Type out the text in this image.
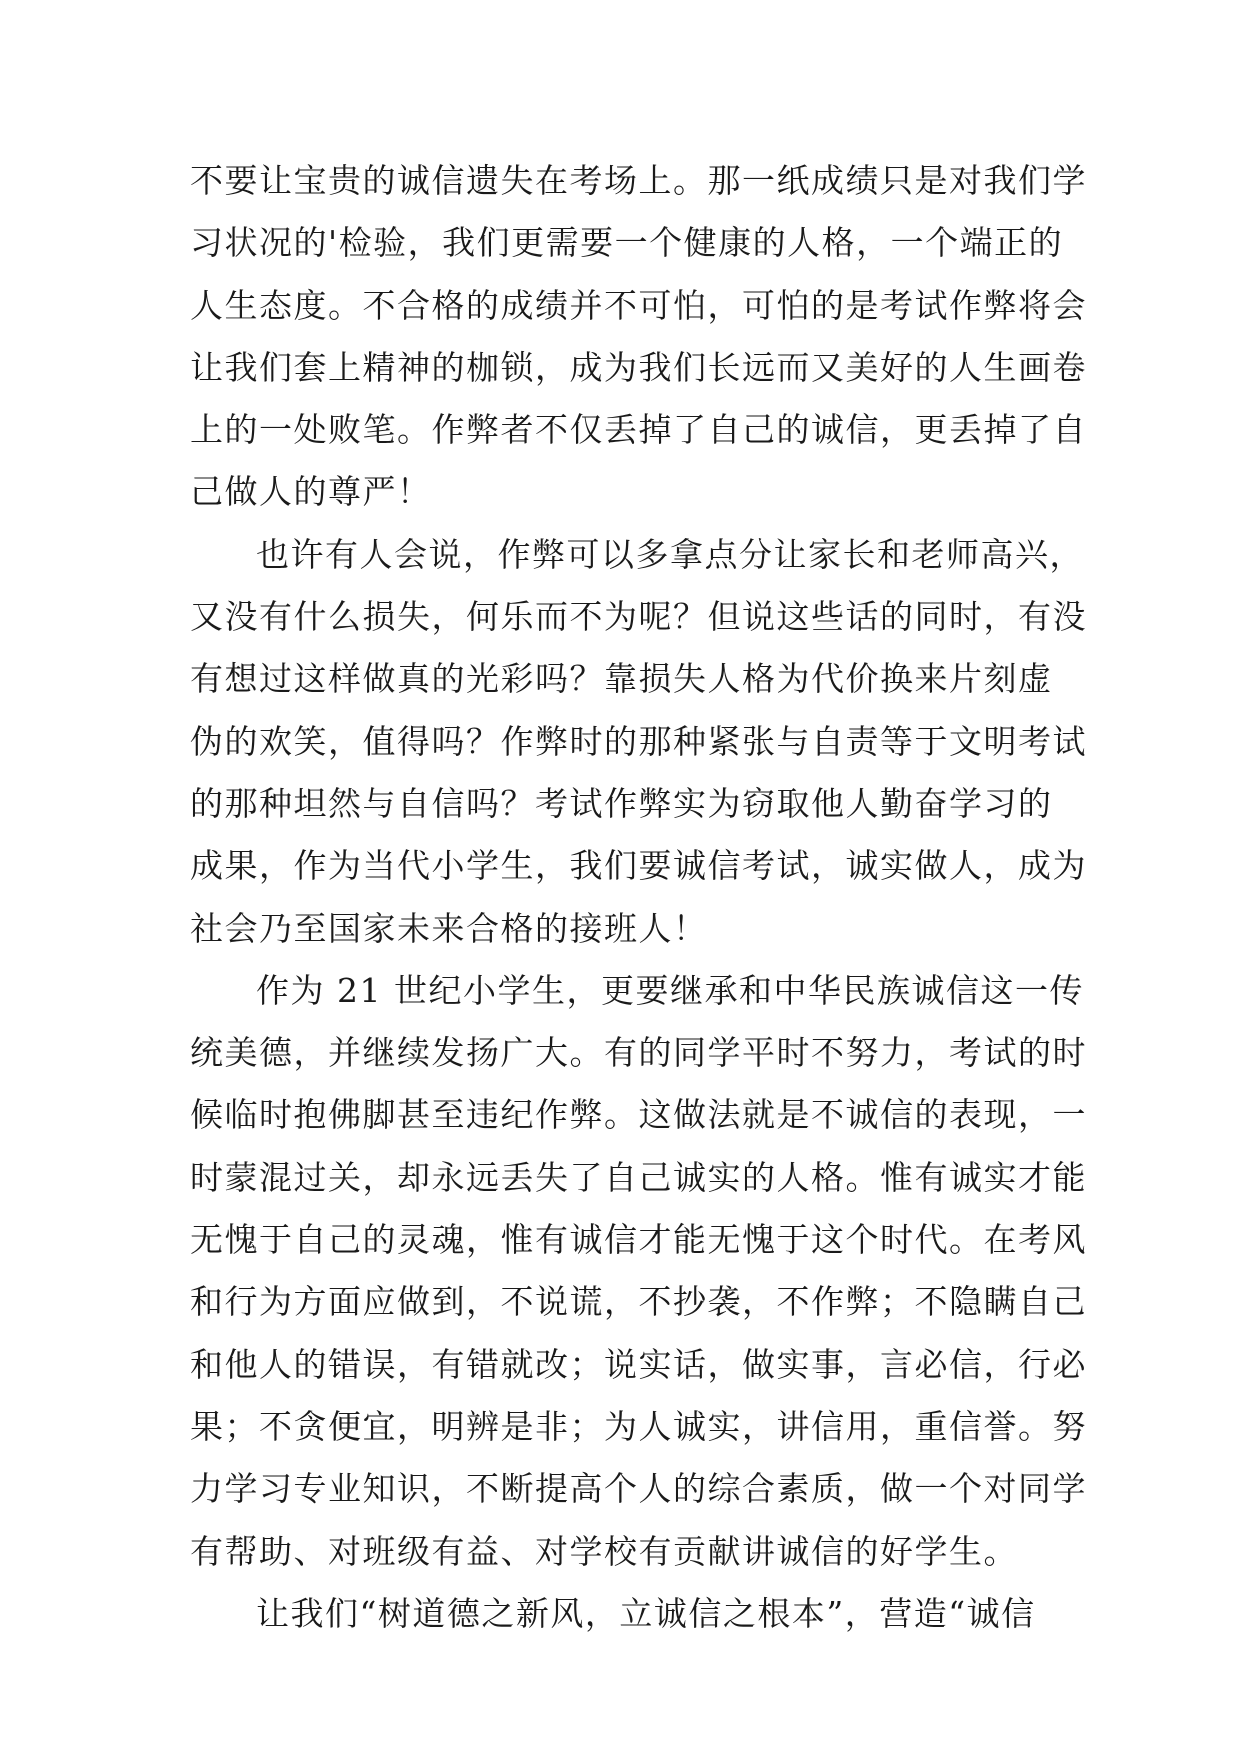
不要让宝贵的诚信遗失在考场上。那一纸成绩只是对我们学
习状况的'检验，我们更需要一个健康的人格，一个端正的
人生态度。不合格的成绩并不可怕，可怕的是考试作弊将会
让我们套上精神的枷锁，成为我们长远而又美好的人生画卷
上的一处败笔。作弊者不仅丢掉了自己的诚信，更丢掉了自
己做人的尊严！
也许有人会说，作弊可以多拿点分让家长和老师高兴，
又没有什么损失，何乐而不为呢？但说这些话的同时，有没
有想过这样做真的光彩吗？靠损失人格为代价换来片刻虚
伪的欢笑，值得吗？作弊时的那种紧张与自责等于文明考试
的那种坦然与自信吗？考试作弊实为窃取他人勤奋学习的
成果，作为当代小学生，我们要诚信考试，诚实做人，成为
社会乃至国家未来合格的接班人！
作为 21 世纪小学生，更要继承和中华民族诚信这一传
统美德，并继续发扬广大。有的同学平时不努力，考试的时
候临时抱佛脚甚至违纪作弊。这做法就是不诚信的表现，一
时蒙混过关，却永远丢失了自己诚实的人格。惟有诚实才能
无愧于自己的灵魂，惟有诚信才能无愧于这个时代。在考风
和行为方面应做到，不说谎，不抄袭，不作弊；不隐瞒自己
和他人的错误，有错就改；说实话，做实事，言必信，行必
果；不贪便宜，明辨是非；为人诚实，讲信用，重信誉。努
力学习专业知识，不断提高个人的综合素质，做一个对同学
有帮助、对班级有益、对学校有贡献讲诚信的好学生。
让我们“树道德之新风，立诚信之根本”，营造“诚信
